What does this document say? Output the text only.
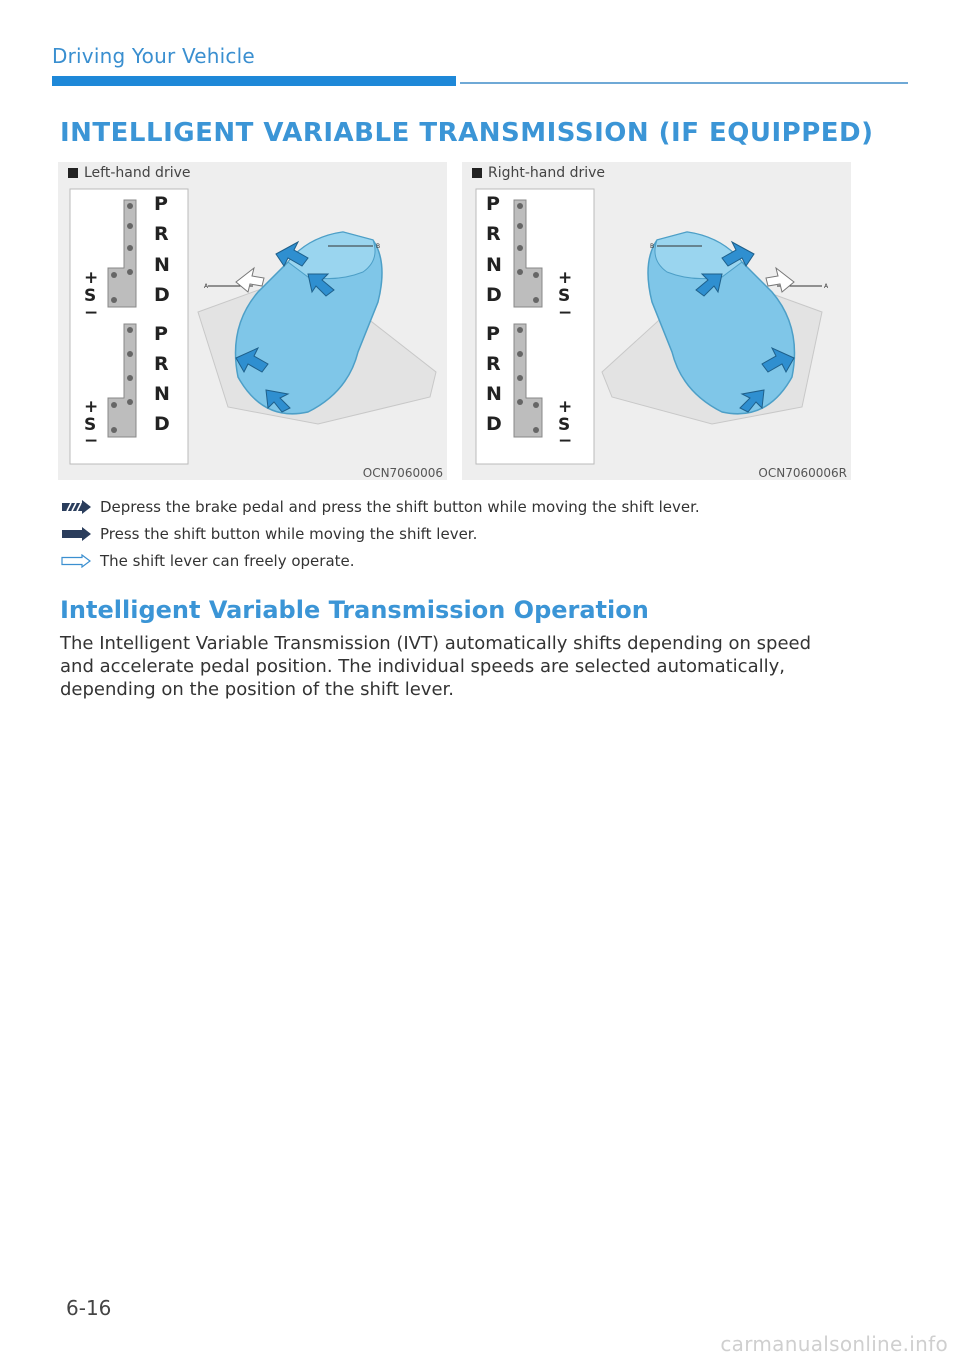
Driving Your Vehicle
INTELLIGENT VARIABLE TRANSMISSION (IF EQUIPPED)
P
R
N
D
+
S
−
P
R
N
D
+
S
−
A
B
Left-hand drive
OCN7060006
P
R
N
D
+
S
−
P
R
N
D
+
S
−
A
B
Right-hand drive
OCN7060006R
Depress the brake pedal and press the shift button while moving the shift lever.
Press the shift button while moving the shift lever.
The shift lever can freely operate.
Intelligent Variable Transmission Operation
The Intelligent Variable Transmission (IVT) automatically shifts depending on speed and accelerate pedal position. The individual speeds are selected automatically, depending on the position of the shift lever.
6-16
carmanualsonline.info
